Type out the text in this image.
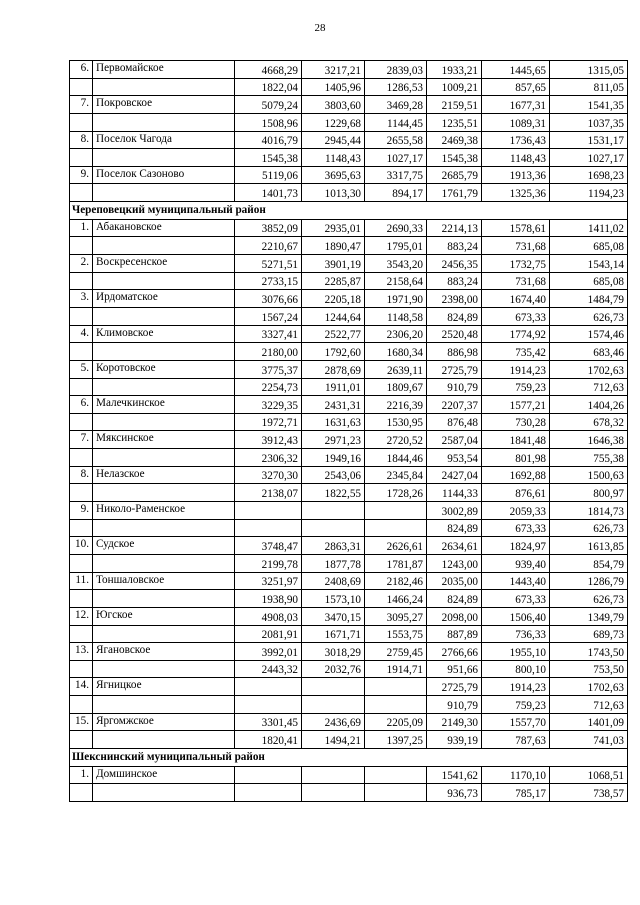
28
6.	Первомайское	4668,29	3217,21	2839,03	1933,21	1445,65	1315,05
		1822,04	1405,96	1286,53	1009,21	857,65	811,05
7.	Покровское	5079,24	3803,60	3469,28	2159,51	1677,31	1541,35
		1508,96	1229,68	1144,45	1235,51	1089,31	1037,35
8.	Поселок Чагода	4016,79	2945,44	2655,58	2469,38	1736,43	1531,17
		1545,38	1148,43	1027,17	1545,38	1148,43	1027,17
9.	Поселок Сазоново	5119,06	3695,63	3317,75	2685,79	1913,36	1698,23
		1401,73	1013,30	894,17	1761,79	1325,36	1194,23
Череповецкий муниципальный район							
1.	Абакановское	3852,09	2935,01	2690,33	2214,13	1578,61	1411,02
		2210,67	1890,47	1795,01	883,24	731,68	685,08
2.	Воскресенское	5271,51	3901,19	3543,20	2456,35	1732,75	1543,14
		2733,15	2285,87	2158,64	883,24	731,68	685,08
3.	Ирдоматское	3076,66	2205,18	1971,90	2398,00	1674,40	1484,79
		1567,24	1244,64	1148,58	824,89	673,33	626,73
4.	Климовское	3327,41	2522,77	2306,20	2520,48	1774,92	1574,46
		2180,00	1792,60	1680,34	886,98	735,42	683,46
5.	Коротовское	3775,37	2878,69	2639,11	2725,79	1914,23	1702,63
		2254,73	1911,01	1809,67	910,79	759,23	712,63
6.	Малечкинское	3229,35	2431,31	2216,39	2207,37	1577,21	1404,26
		1972,71	1631,63	1530,95	876,48	730,28	678,32
7.	Мяксинское	3912,43	2971,23	2720,52	2587,04	1841,48	1646,38
		2306,32	1949,16	1844,46	953,54	801,98	755,38
8.	Нелазское	3270,30	2543,06	2345,84	2427,04	1692,88	1500,63
		2138,07	1822,55	1728,26	1144,33	876,61	800,97
9.	Николо-Раменское				3002,89	2059,33	1814,73
					824,89	673,33	626,73
10.	Судское	3748,47	2863,31	2626,61	2634,61	1824,97	1613,85
		2199,78	1877,78	1781,87	1243,00	939,40	854,79
11.	Тоншаловское	3251,97	2408,69	2182,46	2035,00	1443,40	1286,79
		1938,90	1573,10	1466,24	824,89	673,33	626,73
12.	Югское	4908,03	3470,15	3095,27	2098,00	1506,40	1349,79
		2081,91	1671,71	1553,75	887,89	736,33	689,73
13.	Ягановское	3992,01	3018,29	2759,45	2766,66	1955,10	1743,50
		2443,32	2032,76	1914,71	951,66	800,10	753,50
14.	Ягницкое				2725,79	1914,23	1702,63
					910,79	759,23	712,63
15.	Яргомжское	3301,45	2436,69	2205,09	2149,30	1557,70	1401,09
		1820,41	1494,21	1397,25	939,19	787,63	741,03
Шекснинский муниципальный район							
1.	Домшинское				1541,62	1170,10	1068,51
					936,73	785,17	738,57
